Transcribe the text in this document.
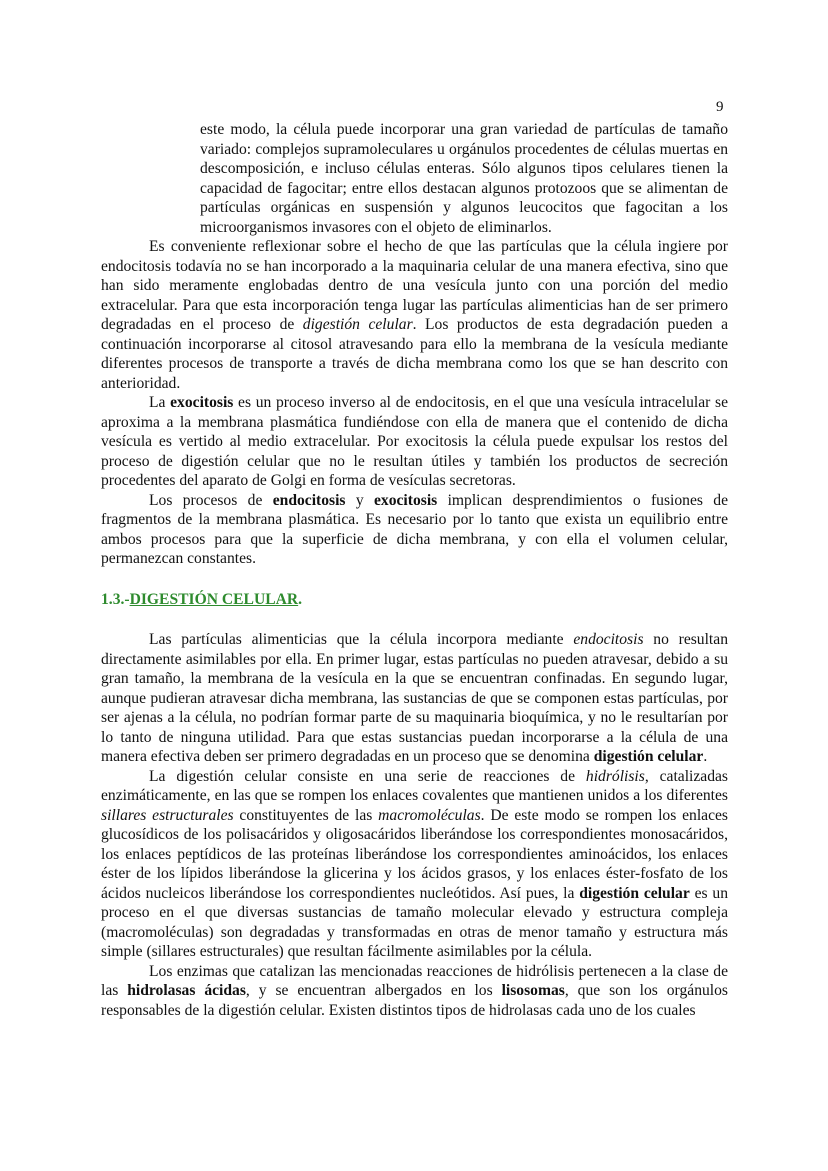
9

este modo, la célula puede incorporar una gran variedad de partículas de tamaño variado: complejos supramoleculares u orgánulos procedentes de células muertas en descomposición, e incluso células enteras. Sólo algunos tipos celulares tienen la capacidad de fagocitar; entre ellos destacan algunos protozoos que se alimentan de partículas orgánicas en suspensión y algunos leucocitos que fagocitan a los microorganismos invasores con el objeto de eliminarlos.

Es conveniente reflexionar sobre el hecho de que las partículas que la célula ingiere por endocitosis todavía no se han incorporado a la maquinaria celular de una manera efectiva, sino que han sido meramente englobadas dentro de una vesícula junto con una porción del medio extracelular. Para que esta incorporación tenga lugar las partículas alimenticias han de ser primero degradadas en el proceso de digestión celular. Los productos de esta degradación pueden a continuación incorporarse al citosol atravesando para ello la membrana de la vesícula mediante diferentes procesos de transporte a través de dicha membrana como los que se han descrito con anterioridad.

La exocitosis es un proceso inverso al de endocitosis, en el que una vesícula intracelular se aproxima a la membrana plasmática fundiéndose con ella de manera que el contenido de dicha vesícula es vertido al medio extracelular. Por exocitosis la célula puede expulsar los restos del proceso de digestión celular que no le resultan útiles y también los productos de secreción procedentes del aparato de Golgi en forma de vesículas secretoras.

Los procesos de endocitosis y exocitosis implican desprendimientos o fusiones de fragmentos de la membrana plasmática. Es necesario por lo tanto que exista un equilibrio entre ambos procesos para que la superficie de dicha membrana, y con ella el volumen celular, permanezcan constantes.

1.3.-DIGESTIÓN CELULAR.

Las partículas alimenticias que la célula incorpora mediante endocitosis no resultan directamente asimilables por ella. En primer lugar, estas partículas no pueden atravesar, debido a su gran tamaño, la membrana de la vesícula en la que se encuentran confinadas. En segundo lugar, aunque pudieran atravesar dicha membrana, las sustancias de que se componen estas partículas, por ser ajenas a la célula, no podrían formar parte de su maquinaria bioquímica, y no le resultarían por lo tanto de ninguna utilidad. Para que estas sustancias puedan incorporarse a la célula de una manera efectiva deben ser primero degradadas en un proceso que se denomina digestión celular.

La digestión celular consiste en una serie de reacciones de hidrólisis, catalizadas enzimáticamente, en las que se rompen los enlaces covalentes que mantienen unidos a los diferentes sillares estructurales constituyentes de las macromoléculas. De este modo se rompen los enlaces glucosídicos de los polisacáridos y oligosacáridos liberándose los correspondientes monosacáridos, los enlaces peptídicos de las proteínas liberándose los correspondientes aminoácidos, los enlaces éster de los lípidos liberándose la glicerina y los ácidos grasos, y los enlaces éster-fosfato de los ácidos nucleicos liberándose los correspondientes nucleótidos. Así pues, la digestión celular es un proceso en el que diversas sustancias de tamaño molecular elevado y estructura compleja (macromoléculas) son degradadas y transformadas en otras de menor tamaño y estructura más simple (sillares estructurales) que resultan fácilmente asimilables por la célula.

Los enzimas que catalizan las mencionadas reacciones de hidrólisis pertenecen a la clase de las hidrolasas ácidas, y se encuentran albergados en los lisosomas, que son los orgánulos responsables de la digestión celular. Existen distintos tipos de hidrolasas cada uno de los cuales
